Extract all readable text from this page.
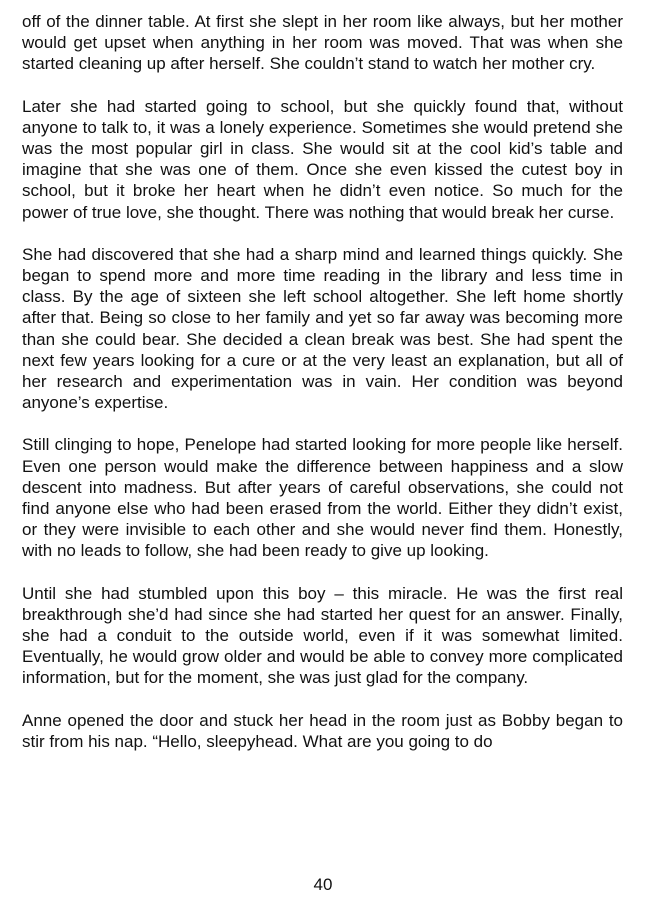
off of the dinner table. At first she slept in her room like always, but her mother would get upset when anything in her room was moved. That was when she started cleaning up after herself. She couldn’t stand to watch her mother cry.

Later she had started going to school, but she quickly found that, without anyone to talk to, it was a lonely experience. Sometimes she would pretend she was the most popular girl in class. She would sit at the cool kid’s table and imagine that she was one of them. Once she even kissed the cutest boy in school, but it broke her heart when he didn’t even notice. So much for the power of true love, she thought. There was nothing that would break her curse.

She had discovered that she had a sharp mind and learned things quickly. She began to spend more and more time reading in the library and less time in class. By the age of sixteen she left school altogether. She left home shortly after that. Being so close to her family and yet so far away was becoming more than she could bear. She decided a clean break was best. She had spent the next few years looking for a cure or at the very least an explanation, but all of her research and experimentation was in vain. Her condition was beyond anyone’s expertise.

Still clinging to hope, Penelope had started looking for more people like herself. Even one person would make the difference between happiness and a slow descent into madness. But after years of careful observations, she could not find anyone else who had been erased from the world. Either they didn’t exist, or they were invisible to each other and she would never find them. Honestly, with no leads to follow, she had been ready to give up looking.

Until she had stumbled upon this boy – this miracle. He was the first real breakthrough she’d had since she had started her quest for an answer. Finally, she had a conduit to the outside world, even if it was somewhat limited. Eventually, he would grow older and would be able to convey more complicated information, but for the moment, she was just glad for the company.

Anne opened the door and stuck her head in the room just as Bobby began to stir from his nap. “Hello, sleepyhead. What are you going to do

40
